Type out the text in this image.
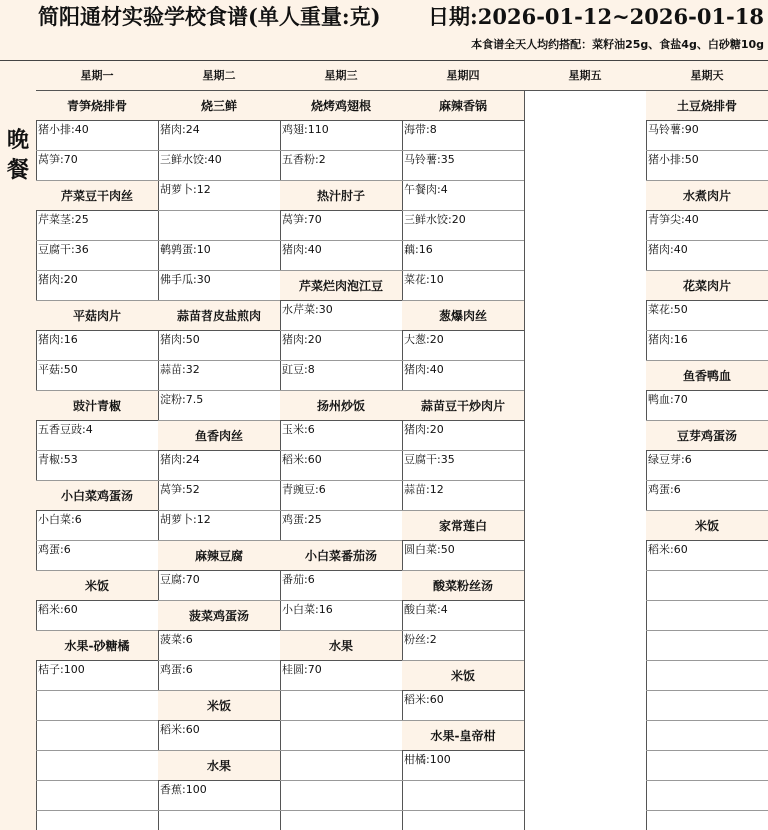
简阳通材实验学校食谱(单人重量:克) 日期:2026-01-12~2026-01-18
本食谱全天人均约搭配：菜籽油25g、食盐4g、白砂糖10g
晚餐
星期一
青笋烧排骨
猪小排:40
莴笋:70
芹菜豆干肉丝
芹菜茎:25
豆腐干:36
猪肉:20
平菇肉片
猪肉:16
平菇:50
豉汁青椒
五香豆豉:4
青椒:53
小白菜鸡蛋汤
小白菜:6
鸡蛋:6
米饭
稻米:60
水果-砂糖橘
桔子:100
星期二
烧三鲜
猪肉:24
三鲜水饺:40
胡萝卜:12
鹌鹑蛋:10
佛手瓜:30
蒜苗苕皮盐煎肉
猪肉:50
蒜苗:32
淀粉:7.5
鱼香肉丝
猪肉:24
莴笋:52
胡萝卜:12
麻辣豆腐
豆腐:70
菠菜鸡蛋汤
菠菜:6
鸡蛋:6
米饭
稻米:60
水果
香蕉:100
星期三
烧烤鸡翅根
鸡翅:110
五香粉:2
热汁肘子
莴笋:70
猪肉:40
芹菜烂肉泡江豆
水芹菜:30
猪肉:20
豇豆:8
扬州炒饭
玉米:6
稻米:60
青豌豆:6
鸡蛋:25
小白菜番茄汤
番茄:6
小白菜:16
水果
桂圆:70
星期四
麻辣香锅
海带:8
马铃薯:35
午餐肉:4
三鲜水饺:20
藕:16
菜花:10
葱爆肉丝
大葱:20
猪肉:40
蒜苗豆干炒肉片
猪肉:20
豆腐干:35
蒜苗:12
家常莲白
圆白菜:50
酸菜粉丝汤
酸白菜:4
粉丝:2
米饭
稻米:60
水果-皇帝柑
柑橘:100
星期五	星期天
土豆烧排骨
马铃薯:90
猪小排:50
水煮肉片
青笋尖:40
猪肉:40
花菜肉片
菜花:50
猪肉:16
鱼香鸭血
鸭血:70
豆芽鸡蛋汤
绿豆芽:6
鸡蛋:6
米饭
稻米:60
